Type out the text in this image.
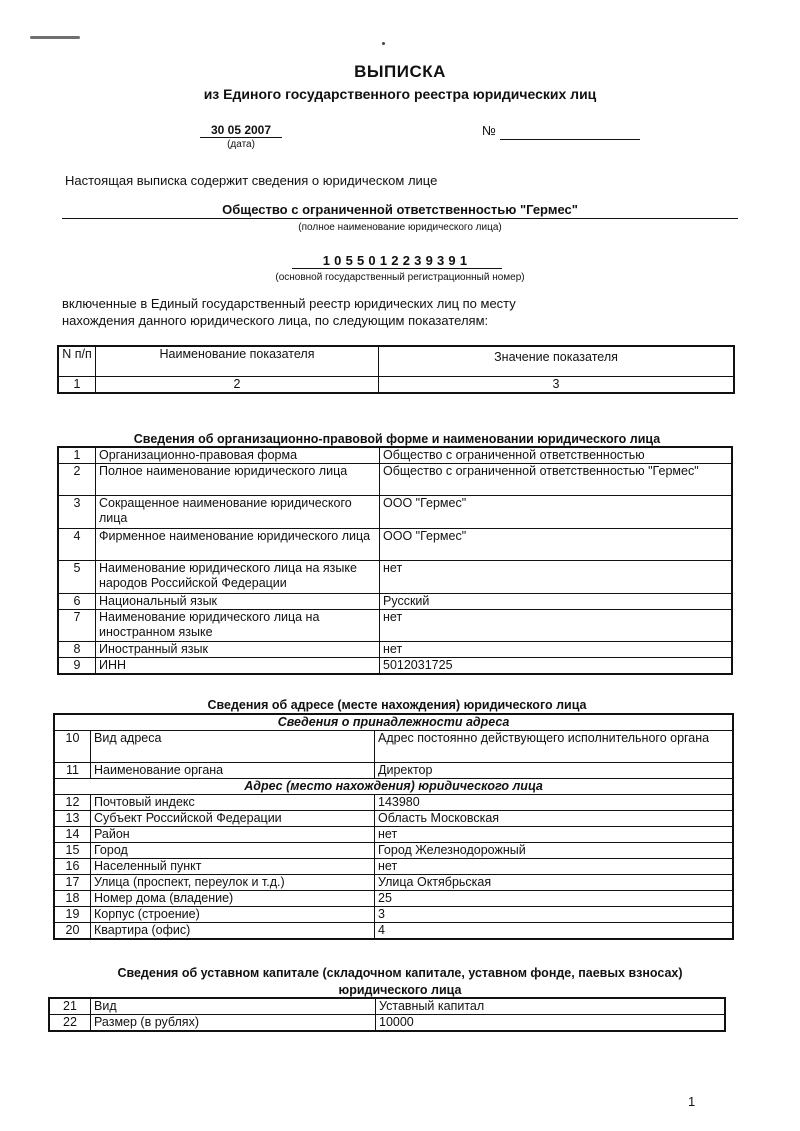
ВЫПИСКА
из Единого государственного реестра юридических лиц
30 05 2007
(дата)
№
Настоящая выписка содержит сведения о юридическом лице
Общество с ограниченной ответственностью "Гермес"
(полное наименование юридического лица)
1055012239391
(основной государственный регистрационный номер)
включенные в Единый государственный реестр юридических лиц по месту нахождения данного юридического лица, по следующим показателям:
N п/п	Наименование показателя	Значение показателя
1	2	3
Сведения об организационно-правовой форме и наименовании юридического лица
1	Организационно-правовая форма	Общество с ограниченной ответственностью
2	Полное наименование юридического лица	Общество с ограниченной ответственностью "Гермес"
3	Сокращенное наименование юридического лица	ООО "Гермес"
4	Фирменное наименование юридического лица	ООО "Гермес"
5	Наименование юридического лица на языке народов Российской Федерации	нет
6	Национальный язык	Русский
7	Наименование юридического лица на иностранном языке	нет
8	Иностранный язык	нет
9	ИНН	5012031725
Сведения об адресе (месте нахождения) юридического лица
Сведения о принадлежности адреса		
10	Вид адреса	Адрес постоянно действующего исполнительного органа
11	Наименование органа	Директор
Адрес (место нахождения) юридического лица		
12	Почтовый индекс	143980
13	Субъект Российской Федерации	Область Московская
14	Район	нет
15	Город	Город Железнодорожный
16	Населенный пункт	нет
17	Улица (проспект, переулок и т.д.)	Улица Октябрьская
18	Номер дома (владение)	25
19	Корпус (строение)	3
20	Квартира (офис)	4
Сведения об уставном капитале (складочном капитале, уставном фонде, паевых взносах)
юридического лица
21	Вид	Уставный капитал
22	Размер (в рублях)	10000
1
